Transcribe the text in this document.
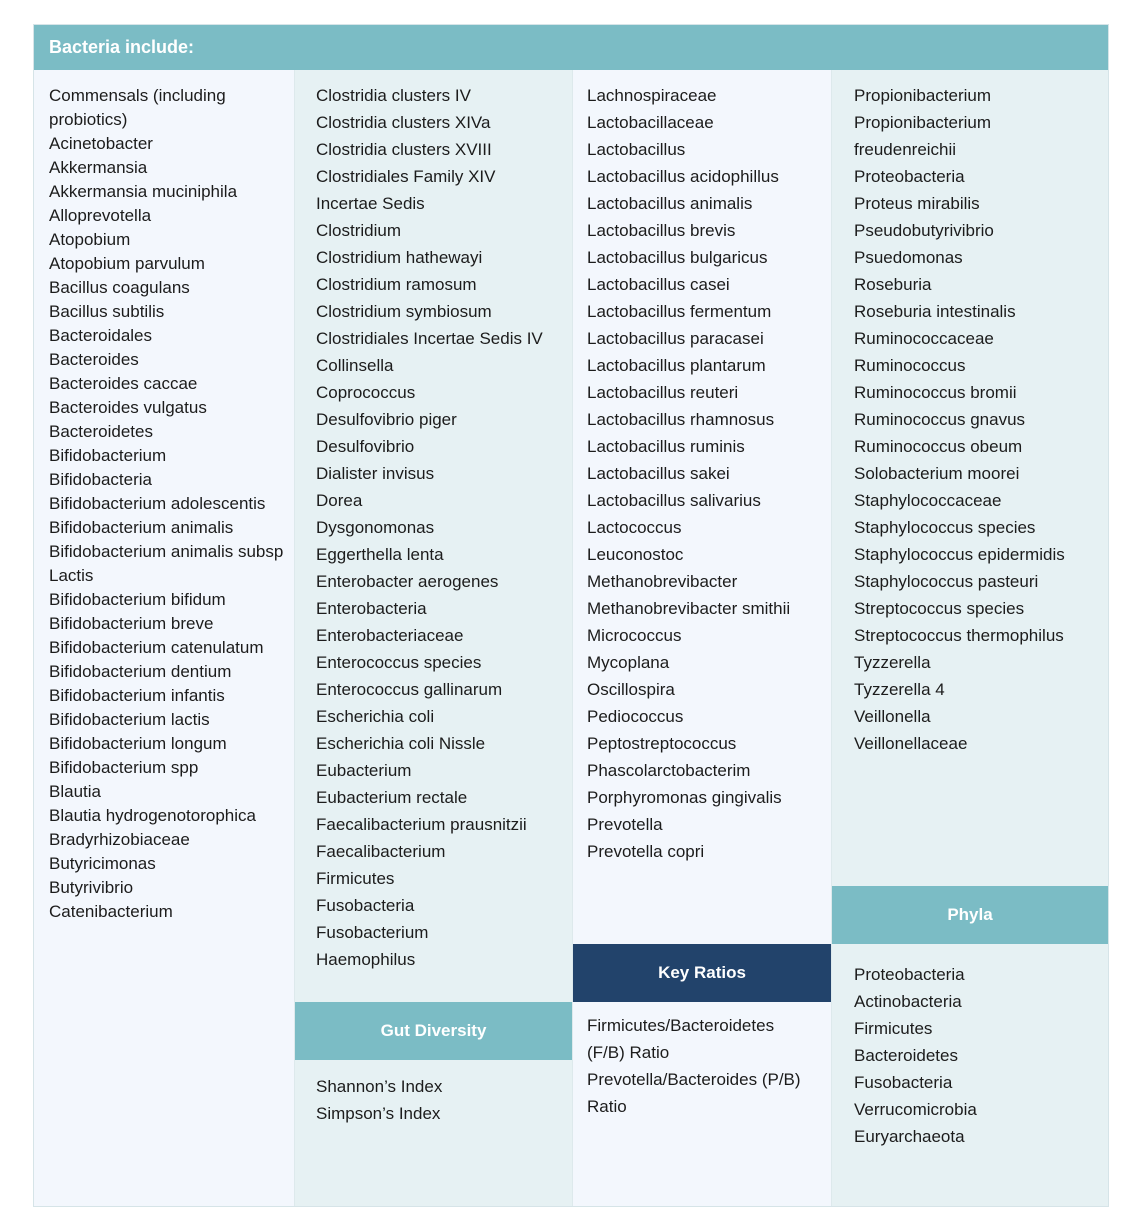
Bacteria include:
Commensals (including probiotics)
Acinetobacter
Akkermansia
Akkermansia muciniphila
Alloprevotella
Atopobium
Atopobium parvulum
Bacillus coagulans
Bacillus subtilis
Bacteroidales
Bacteroides
Bacteroides caccae
Bacteroides vulgatus
Bacteroidetes
Bifidobacterium
Bifidobacteria
Bifidobacterium adolescentis
Bifidobacterium animalis
Bifidobacterium animalis subsp Lactis
Bifidobacterium bifidum
Bifidobacterium breve
Bifidobacterium catenulatum
Bifidobacterium dentium
Bifidobacterium infantis
Bifidobacterium lactis
Bifidobacterium longum
Bifidobacterium spp
Blautia
Blautia hydrogenotorophica
Bradyrhizobiaceae
Butyricimonas
Butyrivibrio
Catenibacterium
Clostridia clusters IV
Clostridia clusters XIVa
Clostridia clusters XVIII
Clostridiales Family XIV
Incertae Sedis
Clostridium
Clostridium hathewayi
Clostridium ramosum
Clostridium symbiosum
Clostridiales Incertae Sedis IV
Collinsella
Coprococcus
Desulfovibrio piger
Desulfovibrio
Dialister invisus
Dorea
Dysgonomonas
Eggerthella lenta
Enterobacter aerogenes
Enterobacteria
Enterobacteriaceae
Enterococcus species
Enterococcus gallinarum
Escherichia coli
Escherichia coli Nissle
Eubacterium
Eubacterium rectale
Faecalibacterium prausnitzii
Faecalibacterium
Firmicutes
Fusobacteria
Fusobacterium
Haemophilus
Gut Diversity
Shannon’s Index
Simpson’s Index
Lachnospiraceae
Lactobacillaceae
Lactobacillus
Lactobacillus acidophillus
Lactobacillus animalis
Lactobacillus brevis
Lactobacillus bulgaricus
Lactobacillus casei
Lactobacillus fermentum
Lactobacillus paracasei
Lactobacillus plantarum
Lactobacillus reuteri
Lactobacillus rhamnosus
Lactobacillus ruminis
Lactobacillus sakei
Lactobacillus salivarius
Lactococcus
Leuconostoc
Methanobrevibacter
Methanobrevibacter smithii
Micrococcus
Mycoplana
Oscillospira
Pediococcus
Peptostreptococcus
Phascolarctobacterim
Porphyromonas gingivalis
Prevotella
Prevotella copri
Key Ratios
Firmicutes/Bacteroidetes (F/B) Ratio
Prevotella/Bacteroides (P/B) Ratio
Propionibacterium
Propionibacterium freudenreichii
Proteobacteria
Proteus mirabilis
Pseudobutyrivibrio
Psuedomonas
Roseburia
Roseburia intestinalis
Ruminococcaceae
Ruminococcus
Ruminococcus bromii
Ruminococcus gnavus
Ruminococcus obeum
Solobacterium moorei
Staphylococcaceae
Staphylococcus species
Staphylococcus epidermidis
Staphylococcus pasteuri
Streptococcus species
Streptococcus thermophilus
Tyzzerella
Tyzzerella 4
Veillonella
Veillonellaceae
Phyla
Proteobacteria
Actinobacteria
Firmicutes
Bacteroidetes
Fusobacteria
Verrucomicrobia
Euryarchaeota
